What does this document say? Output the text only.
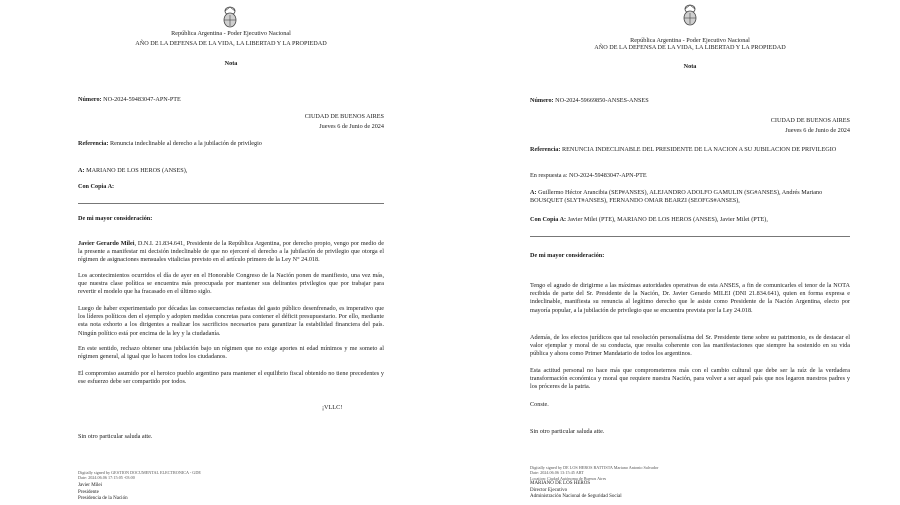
República Argentina - Poder Ejecutivo Nacional

AÑO DE LA DEFENSA DE LA VIDA, LA LIBERTAD Y LA PROPIEDAD

Nota

Número: NO-2024-59483047-APN-PTE

CIUDAD DE BUENOS AIRES

Jueves 6 de Junio de 2024

Referencia: Renuncia indeclinable al derecho a la jubilación de privilegio

A: MARIANO DE LOS HEROS (ANSES),

Con Copia A:

De mi mayor consideración:

Javier Gerardo Milei, D.N.I. 21.834.641, Presidente de la República Argentina, por derecho propio, vengo por medio de la presente a manifestar mi decisión indeclinable de que no ejerceré el derecho a la jubilación de privilegio que otorga el régimen de asignaciones mensuales vitalicias previsto en el artículo primero de la Ley N° 24.018.

Los acontecimientos ocurridos el día de ayer en el Honorable Congreso de la Nación ponen de manifiesto, una vez más, que nuestra clase política se encuentra más preocupada por mantener sus delirantes privilegios que por trabajar para revertir el modelo que ha fracasado en el último siglo.

Luego de haber experimentado por décadas las consecuencias nefastas del gasto público desenfrenado, es imperativo que los líderes políticos den el ejemplo y adopten medidas concretas para contener el déficit presupuestario. Por ello, mediante esta nota exhorto a los dirigentes a realizar los sacrificios necesarios para garantizar la estabilidad financiera del país. Ningún político está por encima de la ley y la ciudadanía.

En este sentido, rechazo obtener una jubilación bajo un régimen que no exige aportes ni edad mínimos y me someto al régimen general, al igual que lo hacen todos los ciudadanos.

El compromiso asumido por el heroico pueblo argentino para mantener el equilibrio fiscal obtenido no tiene precedentes y ese esfuerzo debe ser compartido por todos.

¡VLLC!

Sin otro particular saluda atte.

Digitally signed by GESTION DOCUMENTAL ELECTRONICA - GDE
Date: 2024.06.06 17:15:05 -03:00
Javier Milei
Presidente
Presidencia de la Nación

República Argentina - Poder Ejecutivo Nacional

AÑO DE LA DEFENSA DE LA VIDA, LA LIBERTAD Y LA PROPIEDAD

Nota

Número: NO-2024-59669850-ANSES-ANSES

CIUDAD DE BUENOS AIRES

Jueves 6 de Junio de 2024

Referencia: RENUNCIA INDECLINABLE DEL PRESIDENTE DE LA NACION A SU JUBILACION DE PRIVILEGIO

En respuesta a: NO-2024-59483047-APN-PTE

A: Guillermo Héctor Arancibia (SEP#ANSES), ALEJANDRO ADOLFO GAMULIN (SG#ANSES), Andrés Mariano BOUSQUET (SLYT#ANSES), FERNANDO OMAR BEARZI (SEOFGS#ANSES),

Con Copia A: Javier Milei (PTE), MARIANO DE LOS HEROS (ANSES), Javier Milei (PTE),

De mi mayor consideración:

Tengo el agrado de dirigirme a las máximas autoridades operativas de esta ANSES, a fin de comunicarles el tenor de la NOTA recibida de parte del Sr. Presidente de la Nación, Dr. Javier Gerardo MILEI (DNI 21.834.641), quien en forma expresa e indeclinable, manifiesta su renuncia al legítimo derecho que le asiste como Presidente de la Nación Argentina, electo por mayoría popular, a la jubilación de privilegio que se encuentra prevista por la Ley 24.018.

Además, de los efectos jurídicos que tal resolución personalísima del Sr. Presidente tiene sobre su patrimonio, es de destacar el valor ejemplar y moral de su conducta, que resulta coherente con las manifestaciones que siempre ha sostenido en su vida pública y ahora como Primer Mandatario de todos los argentinos.

Esta actitud personal no hace más que comprometernos más con el cambio cultural que debe ser la raíz de la verdadera transformación económica y moral que requiere nuestra Nación, para volver a ser aquel país que nos legaron nuestros padres y los próceres de la patria.

Conste.

Sin otro particular saluda atte.

Digitally signed by DE LOS HEROS BATTISTA Mariano Antonio Salvador
Date: 2024.06.06 13:15:45 ART
Location: Ciudad Autónoma de Buenos Aires
MARIANO DE LOS HEROS
Director Ejecutivo
Administración Nacional de Seguridad Social
